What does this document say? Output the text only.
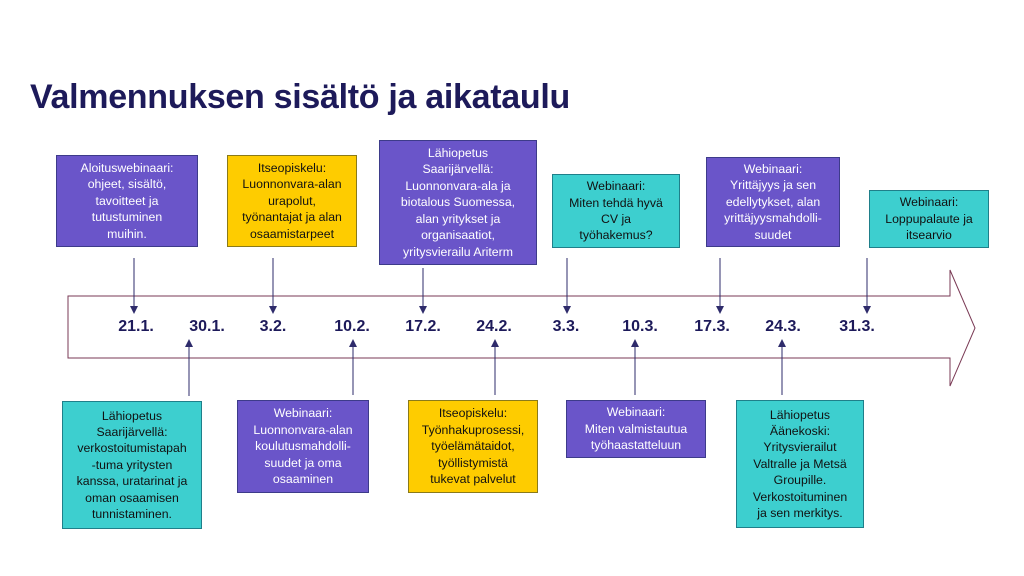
Valmennuksen sisältö ja aikataulu
21.1.	30.1.	3.2.	10.2.	17.2.	24.2.	3.3.	10.3.	17.3.	24.3.	31.3.
Aloituswebinaari:
ohjeet, sisältö,
tavoitteet ja
tutustuminen
muihin.
Itseopiskelu:
Luonnonvara-alan
urapolut,
työnantajat ja alan
osaamistarpeet
Lähiopetus
Saarijärvellä:
Luonnonvara-ala ja
biotalous Suomessa,
alan yritykset ja
organisaatiot,
yritysvierailu Ariterm
Webinaari:
Miten tehdä hyvä
CV ja
työhakemus?
Webinaari:
Yrittäjyys ja sen
edellytykset, alan
yrittäjyysmahdolli-
suudet
Webinaari:
Loppupalaute ja
itsearvio
Lähiopetus
Saarijärvellä:
verkostoitumistapah
-tuma yritysten
kanssa, uratarinat ja
oman osaamisen
tunnistaminen.
Webinaari:
Luonnonvara-alan
koulutusmahdolli-
suudet ja oma
osaaminen
Itseopiskelu:
Työnhakuprosessi,
työelämätaidot,
työllistymistä
tukevat palvelut
Webinaari:
Miten valmistautua
työhaastatteluun
Lähiopetus
Äänekoski:
Yritysvierailut
Valtralle ja Metsä
Groupille.
Verkostoituminen
ja sen merkitys.
